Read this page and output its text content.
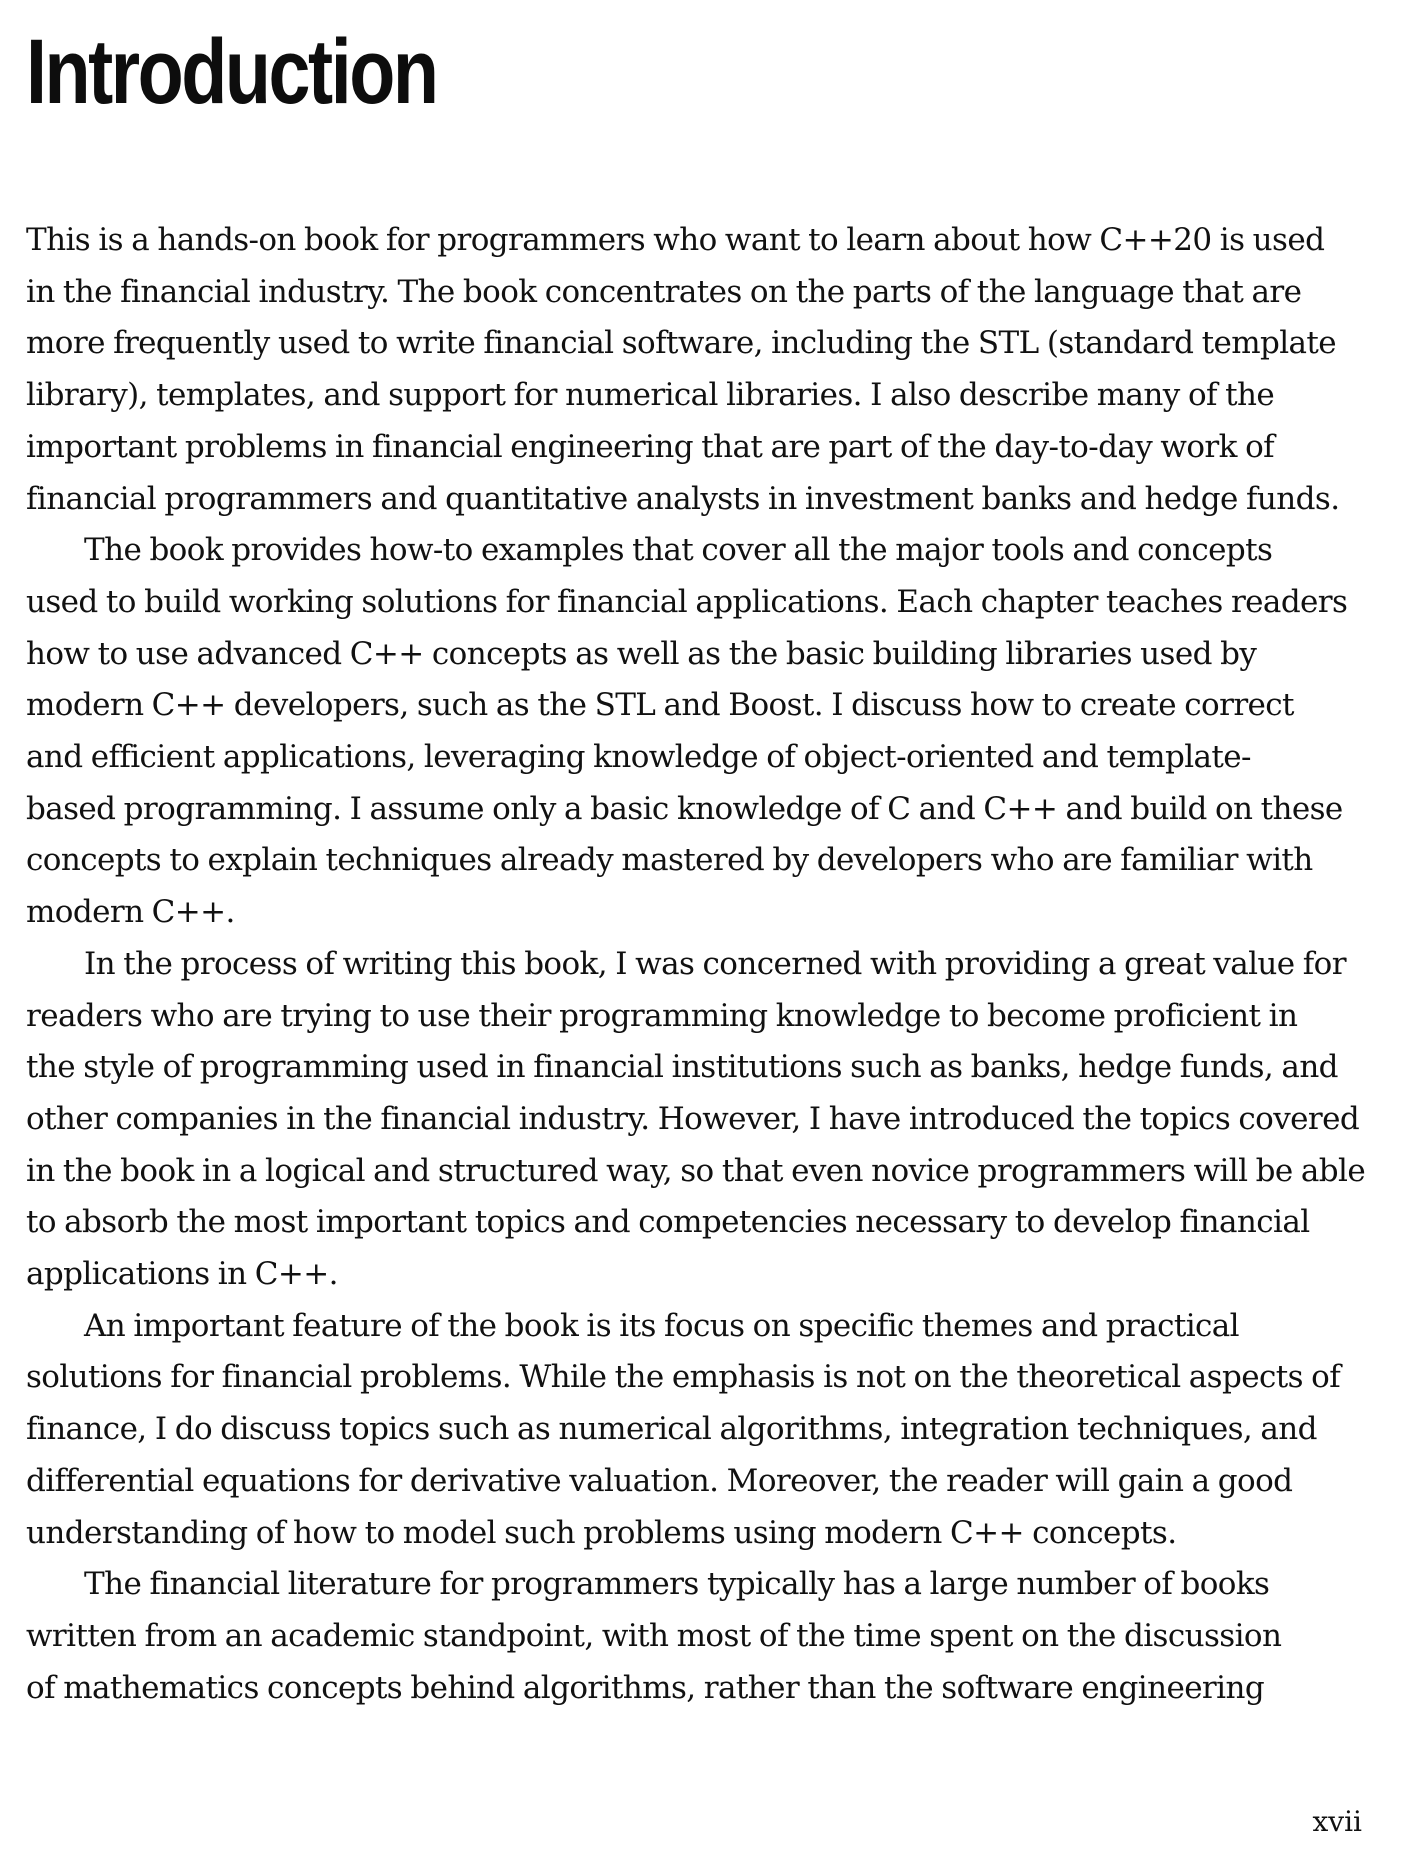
Introduction

This is a hands-on book for programmers who want to learn about how C++20 is used
in the financial industry. The book concentrates on the parts of the language that are
more frequently used to write financial software, including the STL (standard template
library), templates, and support for numerical libraries. I also describe many of the
important problems in financial engineering that are part of the day-to-day work of
financial programmers and quantitative analysts in investment banks and hedge funds.

The book provides how-to examples that cover all the major tools and concepts
used to build working solutions for financial applications. Each chapter teaches readers
how to use advanced C++ concepts as well as the basic building libraries used by
modern C++ developers, such as the STL and Boost. I discuss how to create correct
and efficient applications, leveraging knowledge of object-oriented and template-
based programming. I assume only a basic knowledge of C and C++ and build on these
concepts to explain techniques already mastered by developers who are familiar with
modern C++.

In the process of writing this book, I was concerned with providing a great value for
readers who are trying to use their programming knowledge to become proficient in
the style of programming used in financial institutions such as banks, hedge funds, and
other companies in the financial industry. However, I have introduced the topics covered
in the book in a logical and structured way, so that even novice programmers will be able
to absorb the most important topics and competencies necessary to develop financial
applications in C++.

An important feature of the book is its focus on specific themes and practical
solutions for financial problems. While the emphasis is not on the theoretical aspects of
finance, I do discuss topics such as numerical algorithms, integration techniques, and
differential equations for derivative valuation. Moreover, the reader will gain a good
understanding of how to model such problems using modern C++ concepts.

The financial literature for programmers typically has a large number of books
written from an academic standpoint, with most of the time spent on the discussion
of mathematics concepts behind algorithms, rather than the software engineering

xvii
